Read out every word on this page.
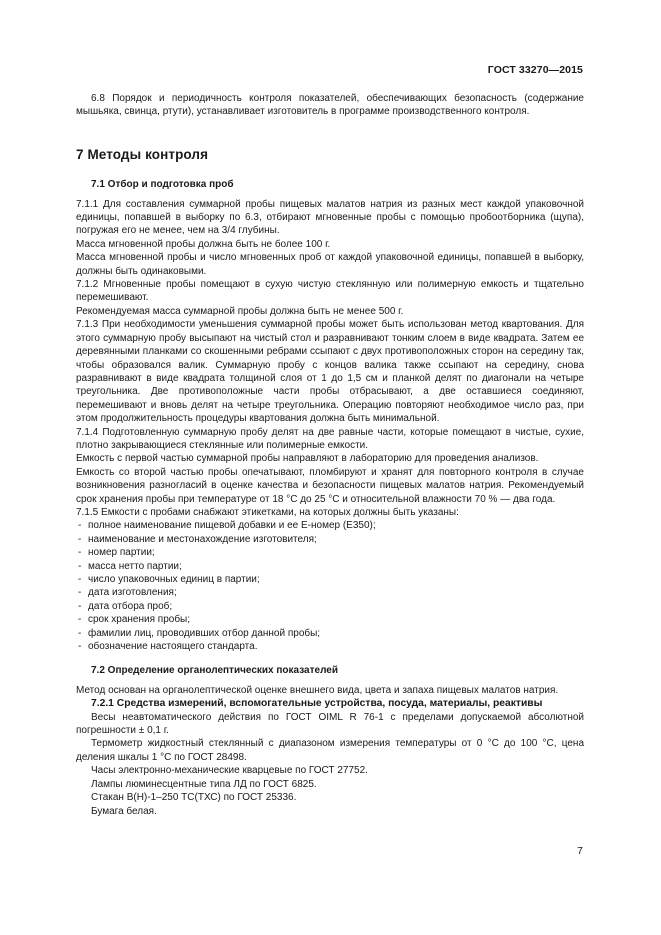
ГОСТ 33270—2015

6.8 Порядок и периодичность контроля показателей, обеспечивающих безопасность (содержание мышьяка, свинца, ртути), устанавливает изготовитель в программе производственного контроля.

7 Методы контроля

7.1 Отбор и подготовка проб

7.1.1 Для составления суммарной пробы пищевых малатов натрия из разных мест каждой упаковочной единицы, попавшей в выборку по 6.3, отбирают мгновенные пробы с помощью пробоотборника (щупа), погружая его не менее, чем на 3/4 глубины.

Масса мгновенной пробы должна быть не более 100 г.

Масса мгновенной пробы и число мгновенных проб от каждой упаковочной единицы, попавшей в выборку, должны быть одинаковыми.

7.1.2 Мгновенные пробы помещают в сухую чистую стеклянную или полимерную емкость и тщательно перемешивают.

Рекомендуемая масса суммарной пробы должна быть не менее 500 г.

7.1.3 При необходимости уменьшения суммарной пробы может быть использован метод квартования. Для этого суммарную пробу высыпают на чистый стол и разравнивают тонким слоем в виде квадрата. Затем ее деревянными планками со скошенными ребрами ссыпают с двух противоположных сторон на середину так, чтобы образовался валик. Суммарную пробу с концов валика также ссыпают на середину, снова разравнивают в виде квадрата толщиной слоя от 1 до 1,5 см и планкой делят по диагонали на четыре треугольника. Две противоположные части пробы отбрасывают, а две оставшиеся соединяют, перемешивают и вновь делят на четыре треугольника. Операцию повторяют необходимое число раз, при этом продолжительность процедуры квартования должна быть минимальной.

7.1.4 Подготовленную суммарную пробу делят на две равные части, которые помещают в чистые, сухие, плотно закрывающиеся стеклянные или полимерные емкости.

Емкость с первой частью суммарной пробы направляют в лабораторию для проведения анализов.

Емкость со второй частью пробы опечатывают, пломбируют и хранят для повторного контроля в случае возникновения разногласий в оценке качества и безопасности пищевых малатов натрия. Рекомендуемый срок хранения пробы при температуре от 18 °С до 25 °С и относительной влажности 70 % — два года.

7.1.5 Емкости с пробами снабжают этикетками, на которых должны быть указаны:

- полное наименование пищевой добавки и ее Е-номер (Е350);
- наименование и местонахождение изготовителя;
- номер партии;
- масса нетто партии;
- число упаковочных единиц в партии;
- дата изготовления;
- дата отбора проб;
- срок хранения пробы;
- фамилии лиц, проводивших отбор данной пробы;
- обозначение настоящего стандарта.

7.2 Определение органолептических показателей

Метод основан на органолептической оценке внешнего вида, цвета и запаха пищевых малатов натрия.

7.2.1 Средства измерений, вспомогательные устройства, посуда, материалы, реактивы

Весы неавтоматического действия по ГОСТ OIML R 76-1 с пределами допускаемой абсолютной погрешности ± 0,1 г.

Термометр жидкостный стеклянный с диапазоном измерения температуры от 0 °С до 100 °С, цена деления шкалы 1 °С по ГОСТ 28498.

Часы электронно-механические кварцевые по ГОСТ 27752.

Лампы люминесцентные типа ЛД по ГОСТ 6825.

Стакан В(Н)-1–250 ТС(ТХС) по ГОСТ 25336.

Бумага белая.

7
